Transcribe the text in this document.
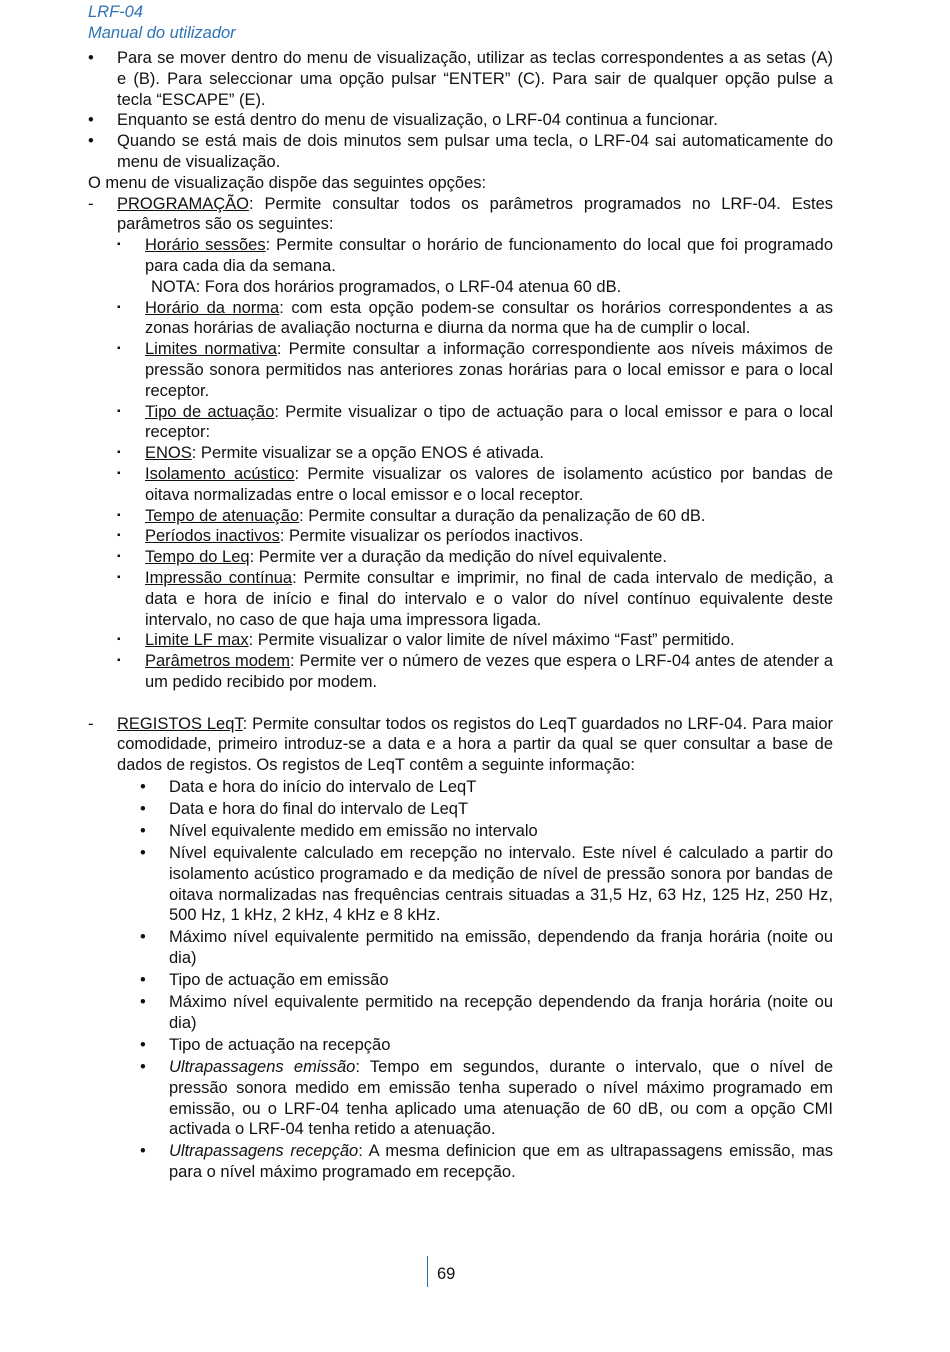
LRF-04
Manual do utilizador
• Para se mover dentro do menu de visualização, utilizar as teclas correspondentes a as setas (A) e (B). Para seleccionar uma opção pulsar “ENTER” (C). Para sair de qualquer opção pulse a tecla “ESCAPE” (E).
• Enquanto se está dentro do menu de visualização, o LRF-04 continua a funcionar.
• Quando se está mais de dois minutos sem pulsar uma tecla, o LRF-04 sai automaticamente do menu de visualização.
O menu de visualização dispõe das seguintes opções:
- PROGRAMAÇÃO: Permite consultar todos os parâmetros programados no LRF-04. Estes parâmetros são os seguintes:
▪ Horário sessões: Permite consultar o horário de funcionamento do local que foi programado para cada dia da semana.
NOTA: Fora dos horários programados, o LRF-04 atenua 60 dB.
▪ Horário da norma: com esta opção podem-se consultar os horários correspondentes a as zonas horárias de avaliação nocturna e diurna da norma que ha de cumplir o local.
▪ Limites normativa: Permite consultar a informação correspondiente aos níveis máximos de pressão sonora permitidos nas anteriores zonas horárias para o local emissor e para o local receptor.
▪ Tipo de actuação: Permite visualizar o tipo de actuação para o local emissor e para o local receptor:
▪ ENOS: Permite visualizar se a opção ENOS é ativada.
▪ Isolamento acústico: Permite visualizar os valores de isolamento acústico por bandas de oitava normalizadas entre o local emissor e o local receptor.
▪ Tempo de atenuação: Permite consultar a duração da penalização de 60 dB.
▪ Períodos inactivos: Permite visualizar os períodos inactivos.
▪ Tempo do Leq: Permite ver a duração da medição do nível equivalente.
▪ Impressão contínua: Permite consultar e imprimir, no final de cada intervalo de medição, a data e hora de início e final do intervalo e o valor do nível contínuo equivalente deste intervalo, no caso de que haja uma impressora ligada.
▪ Limite LF max: Permite visualizar o valor limite de nível máximo “Fast” permitido.
▪ Parâmetros modem: Permite ver o número de vezes que espera o LRF-04 antes de atender a um pedido recibido por modem.
- REGISTOS LeqT: Permite consultar todos os registos do LeqT guardados no LRF-04. Para maior comodidade, primeiro introduz-se a data e a hora a partir da qual se quer consultar a base de dados de registos. Os registos de LeqT contêm a seguinte informação:
• Data e hora do início do intervalo de LeqT
• Data e hora do final do intervalo de LeqT
• Nível equivalente medido em emissão no intervalo
• Nível equivalente calculado em recepção no intervalo. Este nível é calculado a partir do isolamento acústico programado e da medição de nível de pressão sonora por bandas de oitava normalizadas nas frequências centrais situadas a 31,5 Hz, 63 Hz, 125 Hz, 250 Hz, 500 Hz, 1 kHz, 2 kHz, 4 kHz e 8 kHz.
• Máximo nível equivalente permitido na emissão, dependendo da franja horária (noite ou dia)
• Tipo de actuação em emissão
• Máximo nível equivalente permitido na recepção dependendo da franja horária (noite ou dia)
• Tipo de actuação na recepção
• Ultrapassagens emissão: Tempo em segundos, durante o intervalo, que o nível de pressão sonora medido em emissão tenha superado o nível máximo programado em emissão, ou o LRF-04 tenha aplicado uma atenuação de 60 dB, ou com a opção CMI activada o LRF-04 tenha retido a atenuação.
• Ultrapassagens recepção: A mesma definicion que em as ultrapassagens emissão, mas para o nível máximo programado em recepção.
69
